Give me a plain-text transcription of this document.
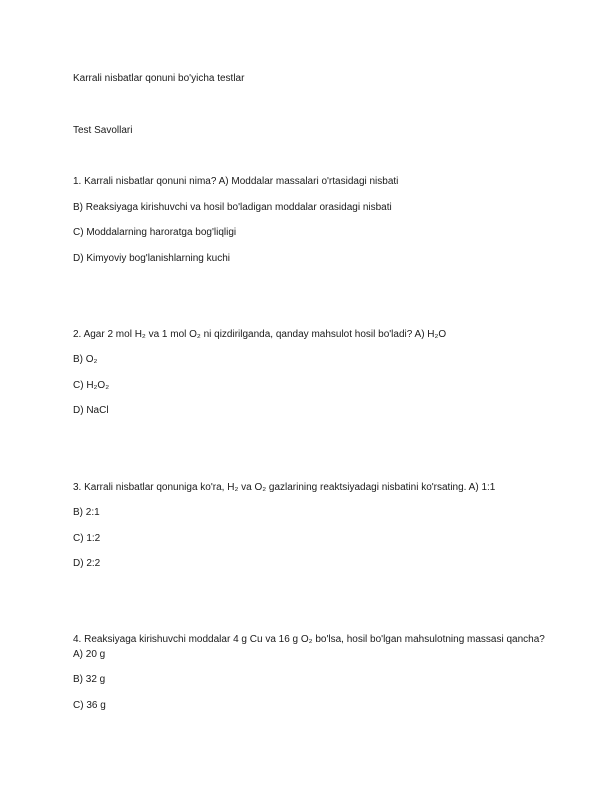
Karrali nisbatlar qonuni bo'yicha testlar
Test Savollari
1. Karrali nisbatlar qonuni nima? A) Moddalar massalari o'rtasidagi nisbati
B) Reaksiyaga kirishuvchi va hosil bo'ladigan moddalar orasidagi nisbati
C) Moddalarning haroratga bog'liqligi
D) Kimyoviy bog'lanishlarning kuchi
2. Agar 2 mol H₂ va 1 mol O₂ ni qizdirilganda, qanday mahsulot hosil bo'ladi? A) H₂O
B) O₂
C) H₂O₂
D) NaCl
3. Karrali nisbatlar qonuniga ko'ra, H₂ va O₂ gazlarining reaktsiyadagi nisbatini ko'rsating. A) 1:1
B) 2:1
C) 1:2
D) 2:2
4. Reaksiyaga kirishuvchi moddalar 4 g Cu va 16 g O₂ bo'lsa, hosil bo'lgan mahsulotning massasi qancha?
A) 20 g
B) 32 g
C) 36 g
